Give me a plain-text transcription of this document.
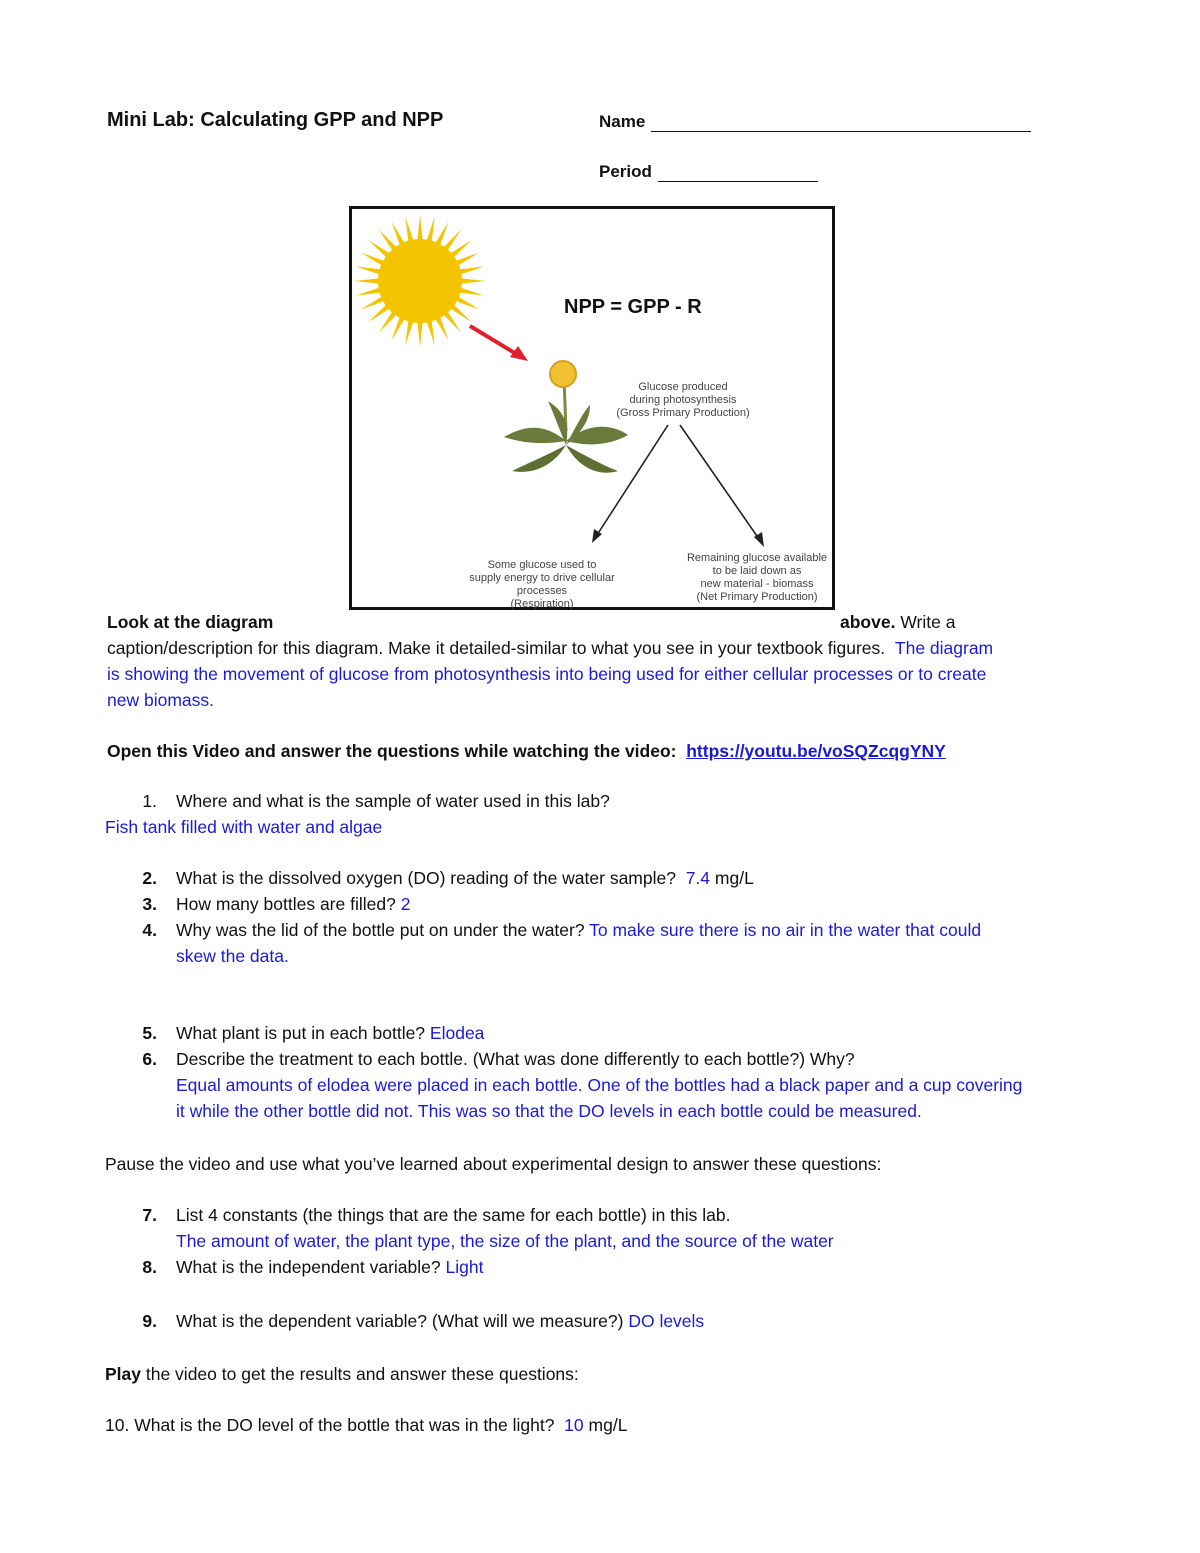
Mini Lab: Calculating GPP and NPP	Name
Period
NPP = GPP - R
Glucose produced
during photosynthesis
(Gross Primary Production)
Some glucose used to
supply energy to drive cellular
processes
(Respiration)
Remaining glucose available
to be laid down as
new material - biomass
(Net Primary Production)
Look at the diagram	above. Write a
caption/description for this diagram. Make it detailed-similar to what you see in your textbook figures. The diagram
is showing the movement of glucose from photosynthesis into being used for either cellular processes or to create
new biomass.
Open this Video and answer the questions while watching the video: https://youtu.be/voSQZcqgYNY
1. Where and what is the sample of water used in this lab?
Fish tank filled with water and algae
2. What is the dissolved oxygen (DO) reading of the water sample? 7.4 mg/L
3. How many bottles are filled? 2
4. Why was the lid of the bottle put on under the water? To make sure there is no air in the water that could
skew the data.
5. What plant is put in each bottle? Elodea
6. Describe the treatment to each bottle. (What was done differently to each bottle?) Why?
Equal amounts of elodea were placed in each bottle. One of the bottles had a black paper and a cup covering
it while the other bottle did not. This was so that the DO levels in each bottle could be measured.
Pause the video and use what you’ve learned about experimental design to answer these questions:
7. List 4 constants (the things that are the same for each bottle) in this lab.
The amount of water, the plant type, the size of the plant, and the source of the water
8. What is the independent variable? Light
9. What is the dependent variable? (What will we measure?) DO levels
Play the video to get the results and answer these questions:
10. What is the DO level of the bottle that was in the light? 10 mg/L
